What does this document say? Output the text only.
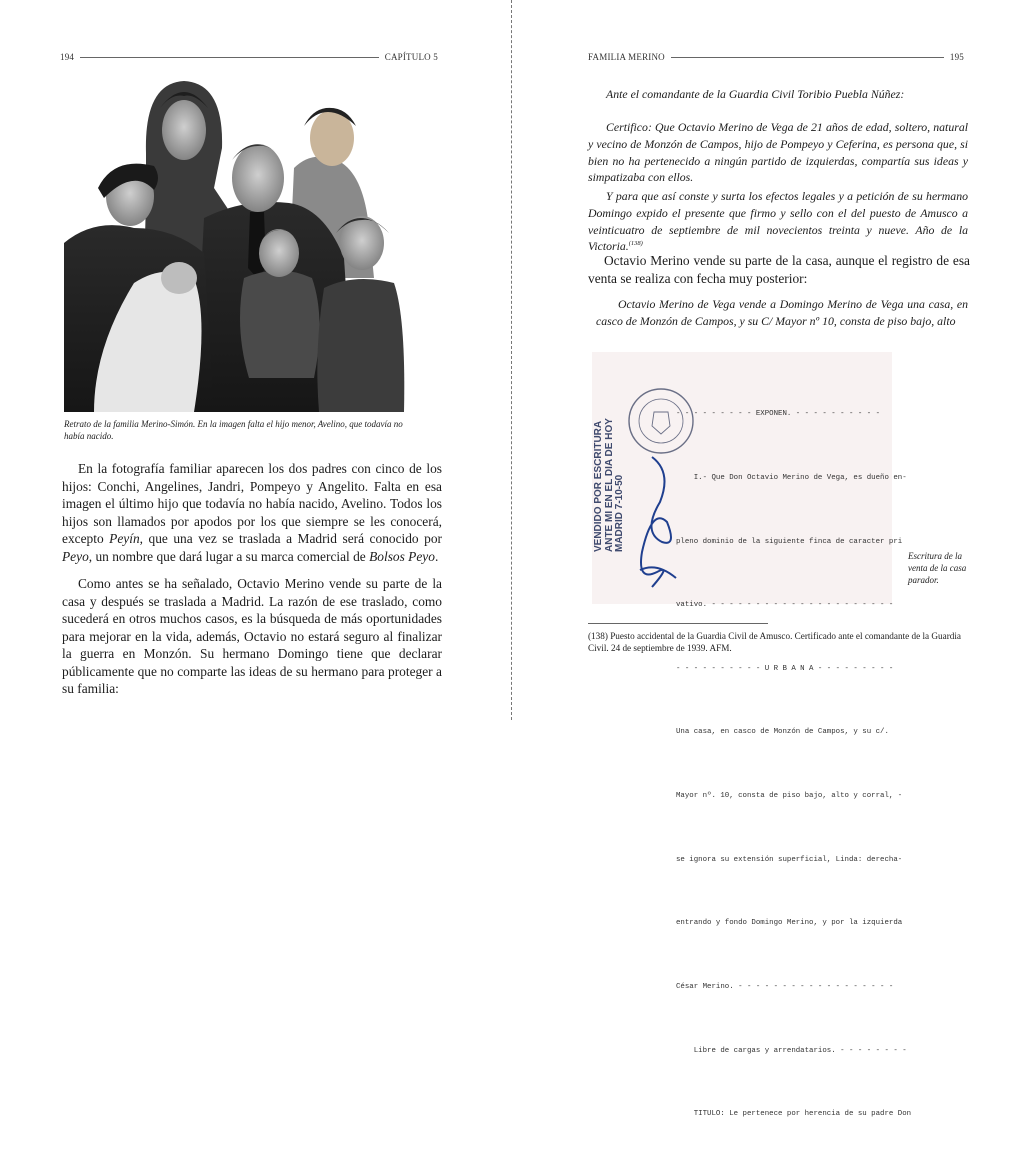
194	CAPÍTULO 5
Retrato de la familia Merino-Simón. En la imagen falta el hijo menor, Avelino, que todavía no había nacido.

En la fotografía familiar aparecen los dos padres con cinco de los hijos: Conchi, Angelines, Jandri, Pompeyo y Angelito. Falta en esa imagen el último hijo que todavía no había nacido, Avelino. Todos los hijos son llamados por apodos por los que siempre se les conocerá, excepto Peyín, que una vez se traslada a Madrid será conocido por Peyo, un nombre que dará lugar a su marca comercial de Bolsos Peyo.

Como antes se ha señalado, Octavio Merino vende su parte de la casa y después se traslada a Madrid. La razón de ese traslado, como sucederá en otros muchos casos, es la búsqueda de más oportunidades para mejorar en la vida, además, Octavio no estará seguro al finalizar la guerra en Monzón. Su hermano Domingo tiene que declarar públicamente que no comparte las ideas de su hermano para proteger a su familia:

FAMILIA MERINO	195

Ante el comandante de la Guardia Civil Toribio Puebla Núñez:

Certifico: Que Octavio Merino de Vega de 21 años de edad, soltero, natural y vecino de Monzón de Campos, hijo de Pompeyo y Ceferina, es persona que, si bien no ha pertenecido a ningún partido de izquierdas, compartía sus ideas y simpatizaba con ellos.

Y para que así conste y surta los efectos legales y a petición de su hermano Domingo expido el presente que firmo y sello con el del puesto de Amusco a veinticuatro de septiembre de mil novecientos treinta y nueve. Año de la Victoria.$^{(138)}$

Octavio Merino vende su parte de la casa, aunque el registro de esa venta se realiza con fecha muy posterior:

Octavio Merino de Vega vende a Domingo Merino de Vega una casa, en casco de Monzón de Campos, y su C/ Mayor nº 10, consta de piso bajo, alto

- - - - - - - - - EXPONEN. - - - - - - - - - -

I.- Que Don Octavio Merino de Vega, es dueño en-

pleno dominio de la siguiente finca de caracter pri

vativo. - - - - - - - - - - - - - - - - - - - - -

- - - - - - - - - - U R B A N A - - - - - - - - -

Una casa, en casco de Monzón de Campos, y su c/.

Mayor nº. 10, consta de piso bajo, alto y corral, -

se ignora su extensión superficial, Linda: derecha-

entrando y fondo Domingo Merino, y por la izquierda

César Merino. - - - - - - - - - - - - - - - - - -

Libre de cargas y arrendatarios. - - - - - - - -

TITULO: Le pertenece por herencia de su padre Don

VENDIDO POR ESCRITURA ANTE MI EN EL DIA DE HOY MADRID 7-10-50
Escritura de la venta de la casa parador.
(138) Puesto accidental de la Guardia Civil de Amusco. Certificado ante el comandante de la Guardia Civil. 24 de septiembre de 1939. AFM.
